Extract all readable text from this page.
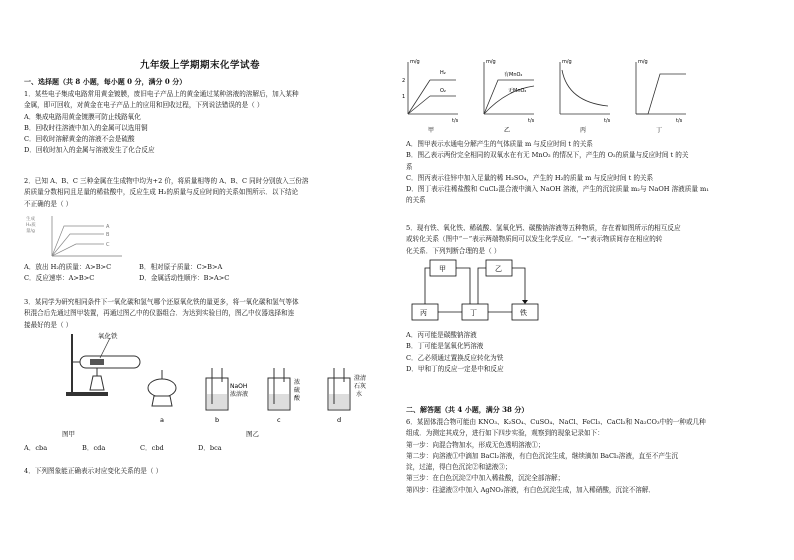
九年级上学期期末化学试卷
一、选择题（共 8 小题，每小题 0 分，满分 0 分）
1．某些电子集成电路常用黄金镀膜，废旧电子产品上的黄金通过某种溶液的溶解后，加入某种
金属，即可回收，对黄金在电子产品上的应用和回收过程，下列说法错误的是（ ）
A．集成电路用黄金镀膜可防止线路氧化
B．回收时往溶液中加入的金属可以选用铜
C．回收时溶解黄金的溶液不会是硫酸
D．回收时加入的金属与溶液发生了化合反应
2．已知 A、B、C 三种金属在生成物中均为+2 价，将质量相等的 A、B、C 同时分别放入三份溶
质质量分数相同且足量的稀盐酸中，反应生成 H₂的质量与反应时间的关系如图所示．以下结论
不正确的是（ ）
生成
H₂质
量/g
A
B
C
A．放出 H₂的质量：A>B>C	B．相对原子质量：C>B>A
C．反应速率：A>B>C	D．金属活动性顺序：B>A>C
3．某同学为研究相同条件下一氧化碳和氢气哪个还原氧化铁的量更多，将一氧化碳和氢气等体
积混合后先通过图甲装置，再通过图乙中的仪器组合．为达到实验目的，图乙中仪器选择和连
接最好的是（ ）
氧化铁
图甲
a
NaOH
浓溶液
b
浓
硫
酸
c
澄清
石灰
水
d
图乙
A．cba	B．cda	C．cbd	D．bca
4．下列图象能正确表示对应变化关系的是（ ）
m/g
t/s
2
1
H₂
O₂
甲
m/g
t/s
有MnO₂
无MnO₂
乙
m/g
t/s
丙
m/g
t/s
丁
A．图甲表示水通电分解产生的气体质量 m 与反应时间 t 的关系
B．图乙表示两份完全相同的双氧水在有无 MnO₂ 的情况下，产生的 O₂的质量与反应时间 t 的关
系
C．图丙表示往锌中加入足量的稀 H₂SO₄，产生的 H₂的质量 m 与反应时间 t 的关系
D．图丁表示往稀盐酸和 CuCl₂混合液中滴入 NaOH 溶液，产生的沉淀质量 m₂与 NaOH 溶液质量 m₁
的关系
5．现有铁、氧化铁、稀硫酸、氢氧化钙、碳酸钠溶液等五种物质，存在着如图所示的相互反应
或转化关系（图中“－”表示两端物质间可以发生化学反应．“→”表示物质间存在相应的转
化关系．下列判断合理的是（ ）
甲	乙
丙	丁	铁
A．丙可能是碳酸钠溶液
B．丁可能是氢氧化钙溶液
C．乙必须通过置换反应转化为铁
D．甲和丁的反应一定是中和反应
二、解答题（共 4 小题，满分 38 分）
6．某固体混合物可能由 KNO₃、K₂SO₄、CuSO₄、NaCl、FeCl₃、CaCl₂和 Na₂CO₃中的一种或几种
组成．为测定其成分，进行如下四步实验，观察到的现象记录如下：
第一步：向混合物加水，形成无色透明溶液①；
第二步：向溶液①中滴加 BaCl₂溶液，有白色沉淀生成，继续滴加 BaCl₂溶液，直至不产生沉
淀，过滤，得白色沉淀②和滤液③；
第三步：在白色沉淀②中加入稀盐酸，沉淀全部溶解；
第四步：往滤液③中加入 AgNO₃溶液，有白色沉淀生成，加入稀硝酸，沉淀不溶解．
